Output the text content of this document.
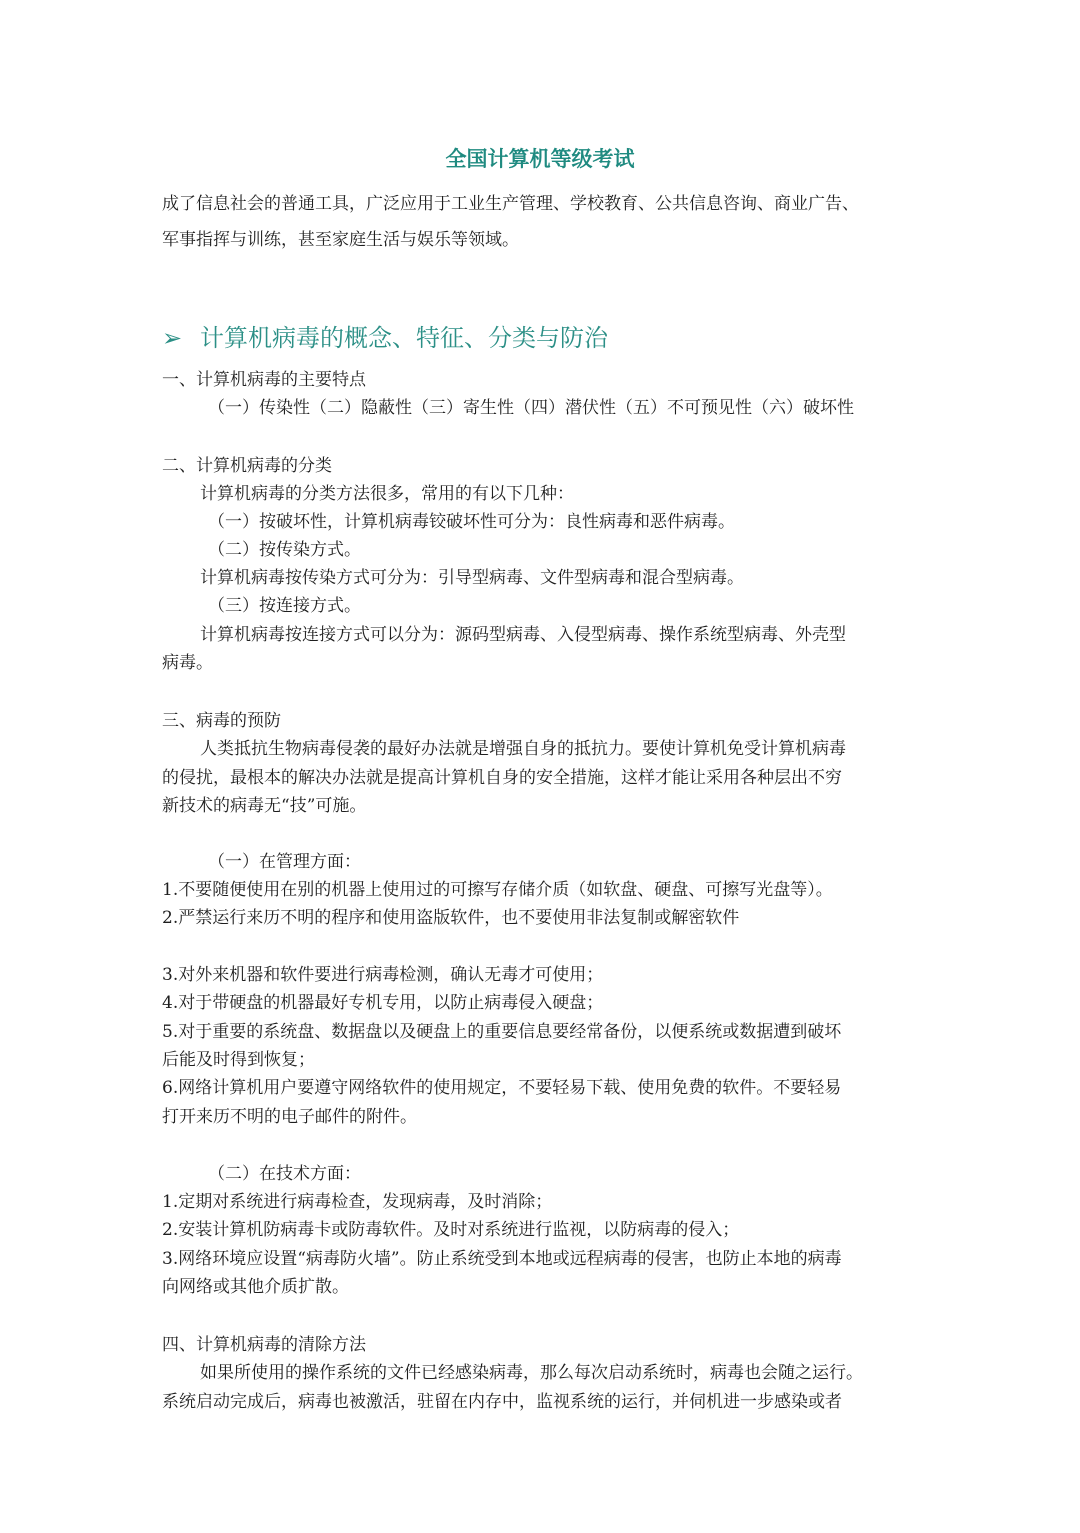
全国计算机等级考试
成了信息社会的普通工具，广泛应用于工业生产管理、学校教育、公共信息咨询、商业广告、
军事指挥与训练，甚至家庭生活与娱乐等领域。
➢ 计算机病毒的概念、特征、分类与防治
一、计算机病毒的主要特点
（一）传染性（二）隐蔽性（三）寄生性（四）潜伏性（五）不可预见性（六）破坏性
二、计算机病毒的分类
计算机病毒的分类方法很多，常用的有以下几种：
（一）按破坏性，计算机病毒铰破坏性可分为：良性病毒和恶件病毒。
（二）按传染方式。
计算机病毒按传染方式可分为：引导型病毒、文件型病毒和混合型病毒。
（三）按连接方式。
计算机病毒按连接方式可以分为：源码型病毒、入侵型病毒、操作系统型病毒、外壳型
病毒。
三、病毒的预防
人类抵抗生物病毒侵袭的最好办法就是增强自身的抵抗力。要使计算机免受计算机病毒
的侵扰，最根本的解决办法就是提高计算机自身的安全措施，这样才能让采用各种层出不穷
新技术的病毒无“技”可施。
（一）在管理方面：
1.不要随便使用在别的机器上使用过的可擦写存储介质（如软盘、硬盘、可擦写光盘等）。
2.严禁运行来历不明的程序和使用盗版软件，也不要使用非法复制或解密软件
3.对外来机器和软件要进行病毒检测，确认无毒才可使用；
4.对于带硬盘的机器最好专机专用，以防止病毒侵入硬盘；
5.对于重要的系统盘、数据盘以及硬盘上的重要信息要经常备份，以便系统或数据遭到破坏
后能及时得到恢复；
6.网络计算机用户要遵守网络软件的使用规定，不要轻易下载、使用免费的软件。不要轻易
打开来历不明的电子邮件的附件。
（二）在技术方面：
1.定期对系统进行病毒检查，发现病毒，及时消除；
2.安装计算机防病毒卡或防毒软件。及时对系统进行监视，以防病毒的侵入；
3.网络环境应设置“病毒防火墙”。防止系统受到本地或远程病毒的侵害，也防止本地的病毒
向网络或其他介质扩散。
四、计算机病毒的清除方法
如果所使用的操作系统的文件已经感染病毒，那么每次启动系统时，病毒也会随之运行。
系统启动完成后，病毒也被激活，驻留在内存中，监视系统的运行，并伺机进一步感染或者
